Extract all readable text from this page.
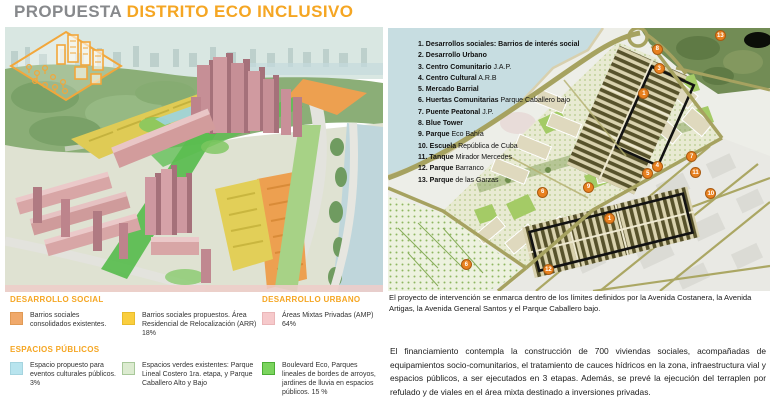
PROPUESTA DISTRITO ECO INCLUSIVO
1. Desarrollos sociales: Barrios de interés social
2. Desarrollo Urbano
3. Centro Comunitario J.A.P.
4. Centro Cultural A.R.B
5. Mercado Barrial
6. Huertas Comunitarias Parque Caballero bajo
7. Puente Peatonal J.P.
8. Blue Tower
9. Parque Eco Bahía
10. Escuela República de Cuba
11. Tanque Mirador Mercedes
12. Parque Barranco
13. Parque de las Garzas
13
8
3
1
7
11
4
5
10
9
6
1
12
6
El proyecto de intervención se enmarca dentro de los límites definidos por la Avenida Costanera, la Avenida Artigas, la Avenida General Santos y el Parque Caballero bajo.
El financiamiento contempla la construcción de 700 viviendas sociales, acompañadas de equipamientos socio-comunitarios, el tratamiento de cauces hídricos en la zona, infraestructura vial y espacios públicos, a ser ejecutados en 3 etapas. Además, se prevé la ejecución del terraplen por refulado y de viales en el área mixta destinado a inversiones privadas.
DESARROLLO SOCIAL
Barrios sociales consolidados existentes.
Barrios sociales propuestos. Área Residencial de Relocalización (ARR) 18%
DESARROLLO URBANO
Áreas Mixtas Privadas (AMP) 64%
ESPACIOS PÚBLICOS
Espacio propuesto para eventos culturales públicos. 3%
Espacios verdes existentes: Parque Lineal Costero 1ra. etapa, y Parque Caballero Alto y Bajo
Boulevard Eco, Parques lineales de bordes de arroyos, jardines de lluvia en espacios públicos. 15 %
